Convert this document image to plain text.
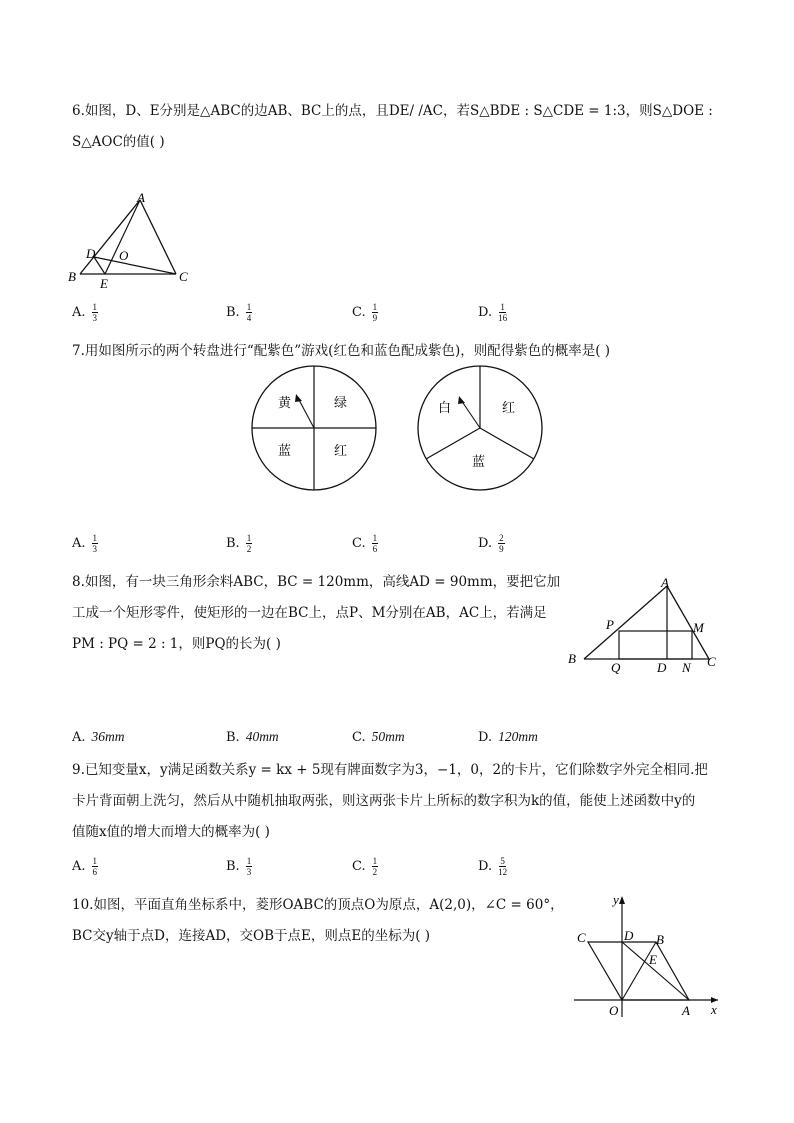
6.如图，D、E分别是△ABC的边AB、BC上的点，且DE/ /AC，若S△BDE : S△CDE = 1:3，则S△DOE :
S△AOC的值( )
A
B	C
D
E
O
A. $\frac{1}{3}$	B. $\frac{1}{4}$	C. $\frac{1}{9}$	D. $\frac{1}{16}$
7.用如图所示的两个转盘进行“配紫色”游戏(红色和蓝色配成紫色)，则配得紫色的概率是( )
黄	绿
蓝	红
白	红
蓝
A. $\frac{1}{3}$	B. $\frac{1}{2}$	C. $\frac{1}{6}$	D. $\frac{2}{9}$
8.如图，有一块三角形余料ABC，BC = 120mm，高线AD = 90mm，要把它加
工成一个矩形零件，使矩形的一边在BC上，点P、M分别在AB，AC上，若满足
PM : PQ = 2 : 1，则PQ的长为( )
A
B	C
D
P	M
Q	N
A. 36mm	B. 40mm	C. 50mm	D. 120mm
9.已知变量x，y满足函数关系y = kx + 5现有牌面数字为3，−1，0，2的卡片，它们除数字外完全相同.把
卡片背面朝上洗匀，然后从中随机抽取两张，则这两张卡片上所标的数字积为k的值，能使上述函数中y的
值随x值的增大而增大的概率为( )
A. $\frac{1}{6}$	B. $\frac{1}{3}$	C. $\frac{1}{2}$	D. $\frac{5}{12}$
10.如图，平面直角坐标系中，菱形OABC的顶点O为原点，A(2,0)，∠C = 60°，
BC交y轴于点D，连接AD，交OB于点E，则点E的坐标为( )
y
x
C	D B
E
O	A
